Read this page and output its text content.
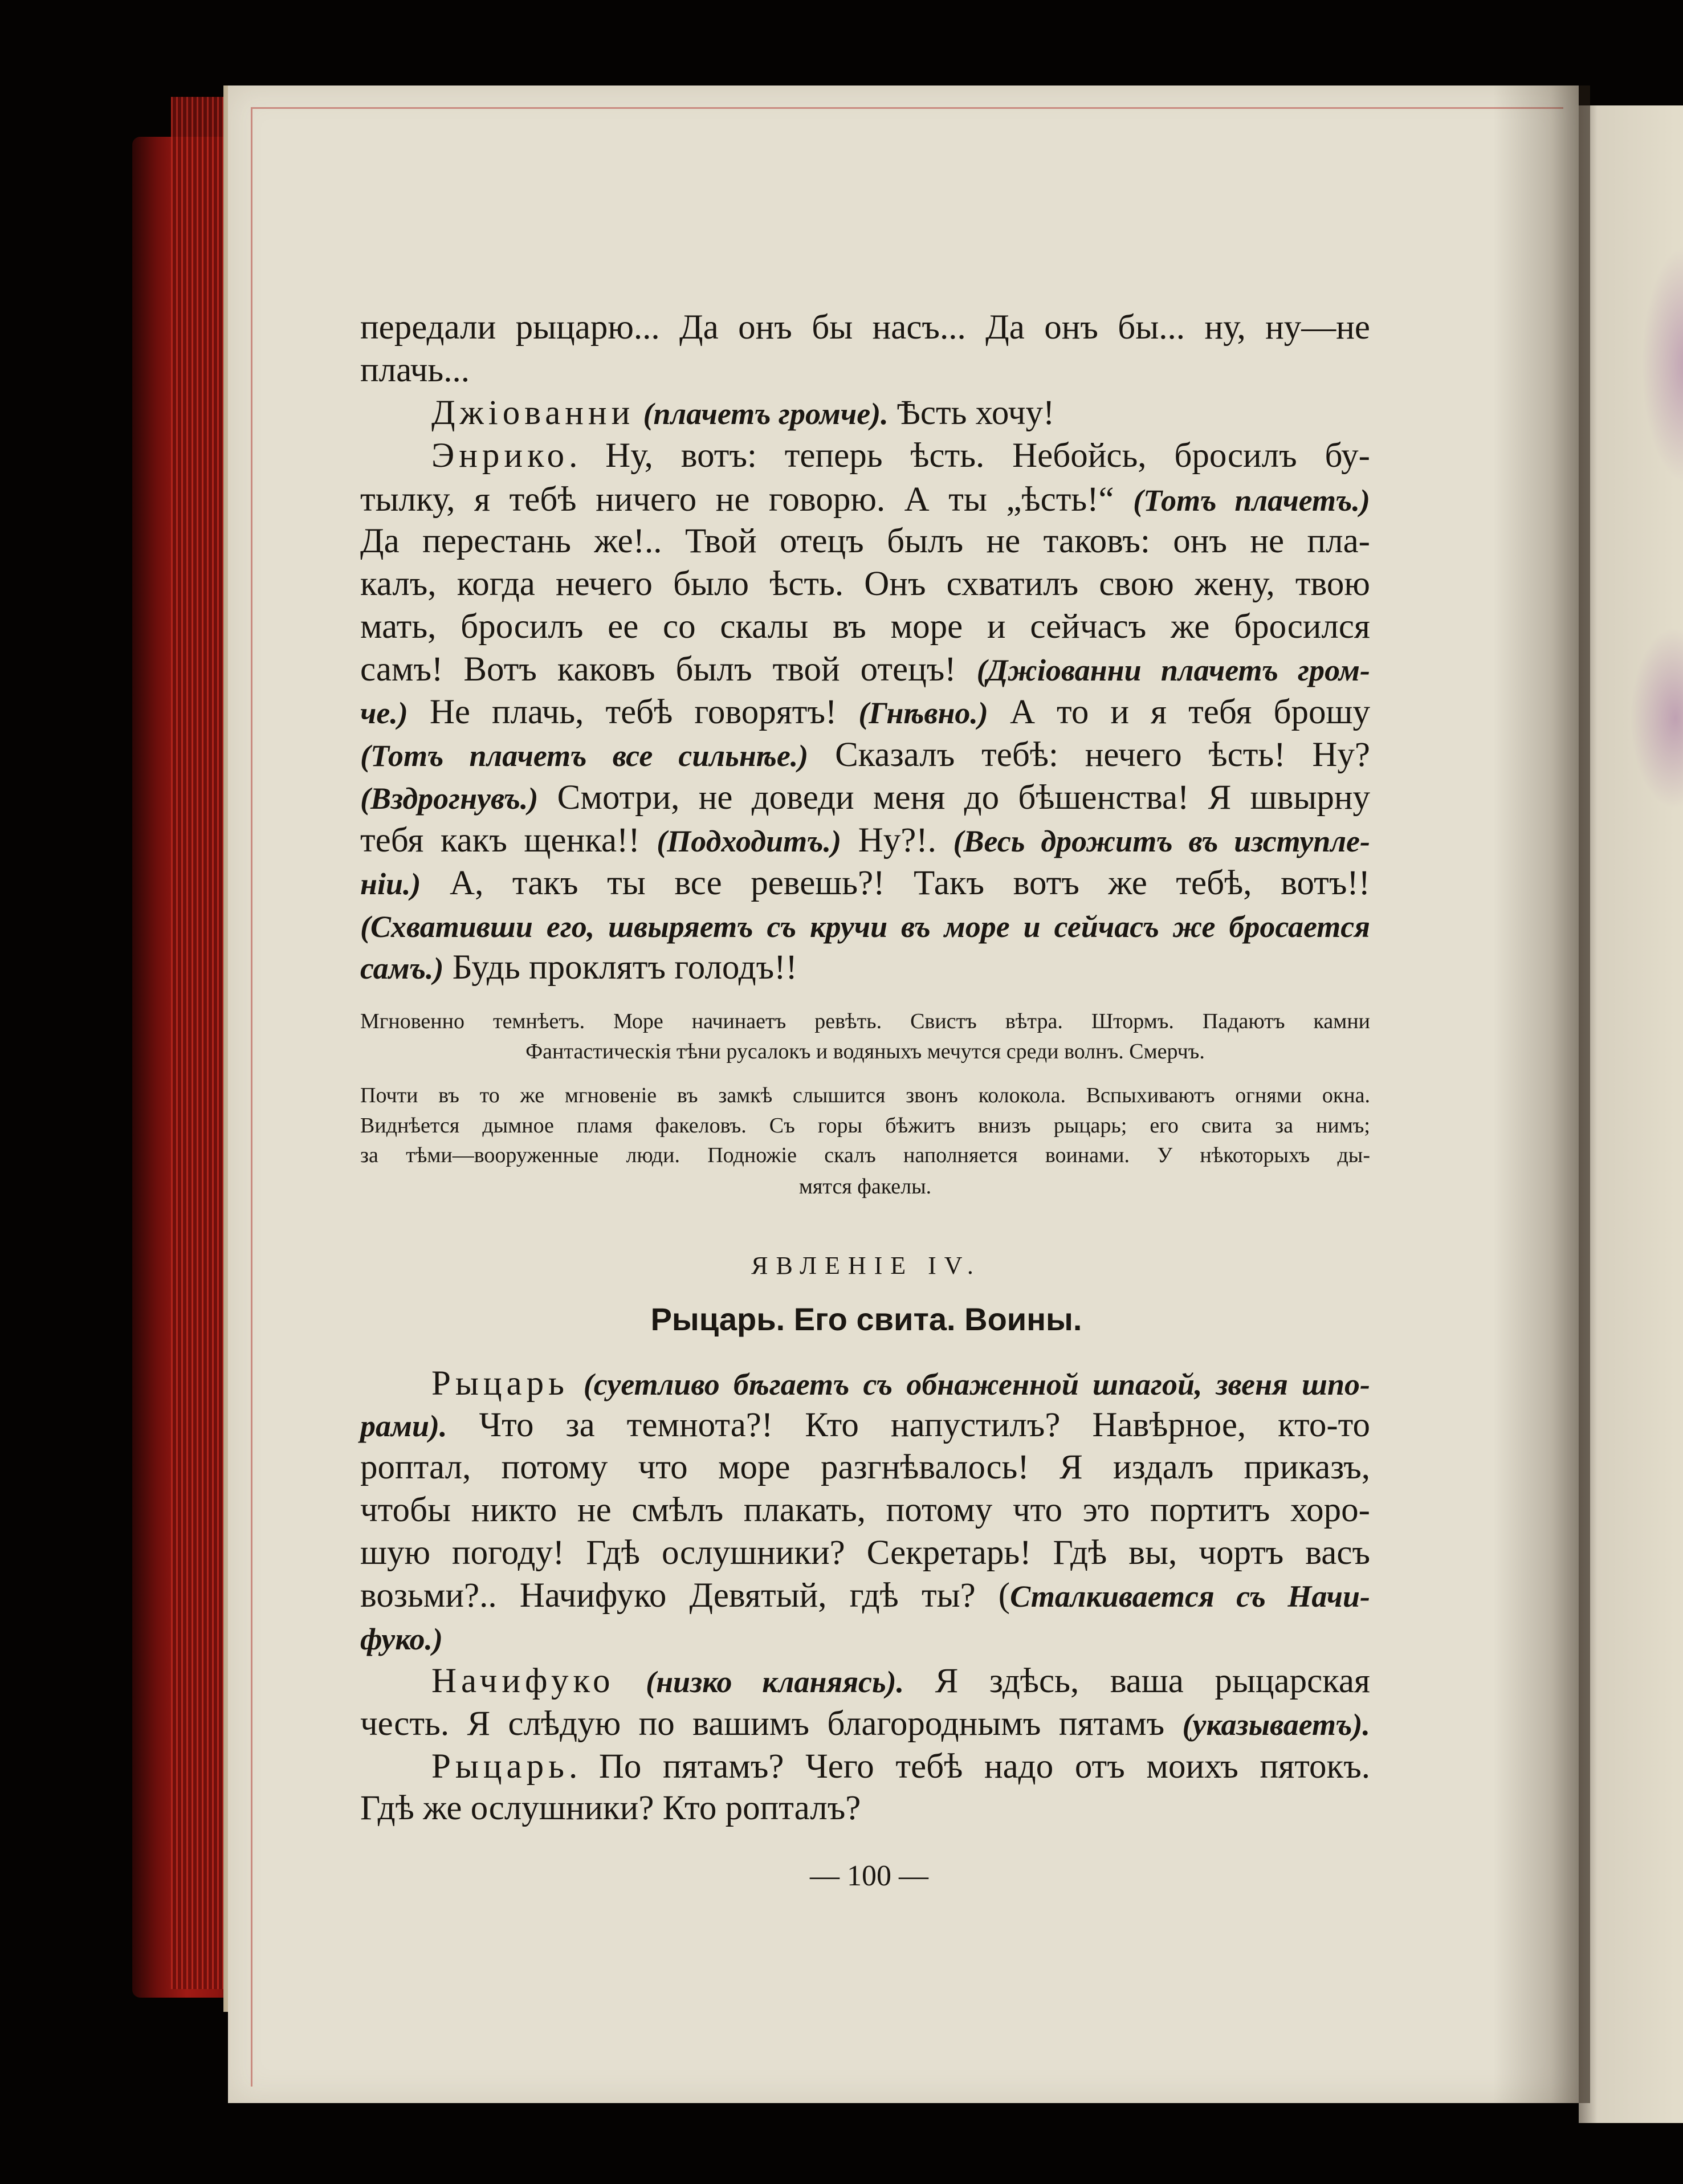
передали рыцарю... Да онъ бы насъ... Да онъ бы... ну, ну—не
плачь...
Джіованни (плачетъ громче). Ѣсть хочу!
Энрико. Ну, вотъ: теперь ѣсть. Небойсь, бросилъ бу-
тылку, я тебѣ ничего не говорю. А ты „ѣсть!“ (Тотъ плачетъ.)
Да перестань же!.. Твой отецъ былъ не таковъ: онъ не пла-
калъ, когда нечего было ѣсть. Онъ схватилъ свою жену, твою
мать, бросилъ ее со скалы въ море и сейчасъ же бросился
самъ! Вотъ каковъ былъ твой отецъ! (Джіованни плачетъ гром-
че.) Не плачь, тебѣ говорятъ! (Гнѣвно.) А то и я тебя брошу
(Тотъ плачетъ все сильнѣе.) Сказалъ тебѣ: нечего ѣсть! Ну?
(Вздрогнувъ.) Смотри, не доведи меня до бѣшенства! Я швырну
тебя какъ щенка!! (Подходитъ.) Ну?!. (Весь дрожитъ въ изступле-
ніи.) А, такъ ты все ревешь?! Такъ вотъ же тебѣ, вотъ!!
(Схвативши его, швыряетъ съ кручи въ море и сейчасъ же бросается
самъ.) Будь проклятъ голодъ!!
Мгновенно темнѣетъ. Море начинаетъ ревѣть. Свистъ вѣтра. Штормъ. Падаютъ камни
Фантастическія тѣни русалокъ и водяныхъ мечутся среди волнъ. Смерчъ.
Почти въ то же мгновеніе въ замкѣ слышится звонъ колокола. Вспыхиваютъ огнями окна.
Виднѣется дымное пламя факеловъ. Съ горы бѣжитъ внизъ рыцарь; его свита за нимъ;
за тѣми—вооруженные люди. Подножіе скалъ наполняется воинами. У нѣкоторыхъ ды-
мятся факелы.
ЯВЛЕНІЕ IV.
Рыцарь. Его свита. Воины.
Рыцарь (суетливо бѣгаетъ съ обнаженной шпагой, звеня шпо-
рами). Что за темнота?! Кто напустилъ? Навѣрное, кто-то
роптал, потому что море разгнѣвалось! Я издалъ приказъ,
чтобы никто не смѣлъ плакать, потому что это портитъ хоро-
шую погоду! Гдѣ ослушники? Секретарь! Гдѣ вы, чортъ васъ
возьми?.. Начифуко Девятый, гдѣ ты? (Сталкивается съ Начи-
фуко.)
Начифуко (низко кланяясь). Я здѣсь, ваша рыцарская
честь. Я слѣдую по вашимъ благороднымъ пятамъ (указываетъ).
Рыцарь. По пятамъ? Чего тебѣ надо отъ моихъ пятокъ.
Гдѣ же ослушники? Кто ропталъ?
— 100 —
